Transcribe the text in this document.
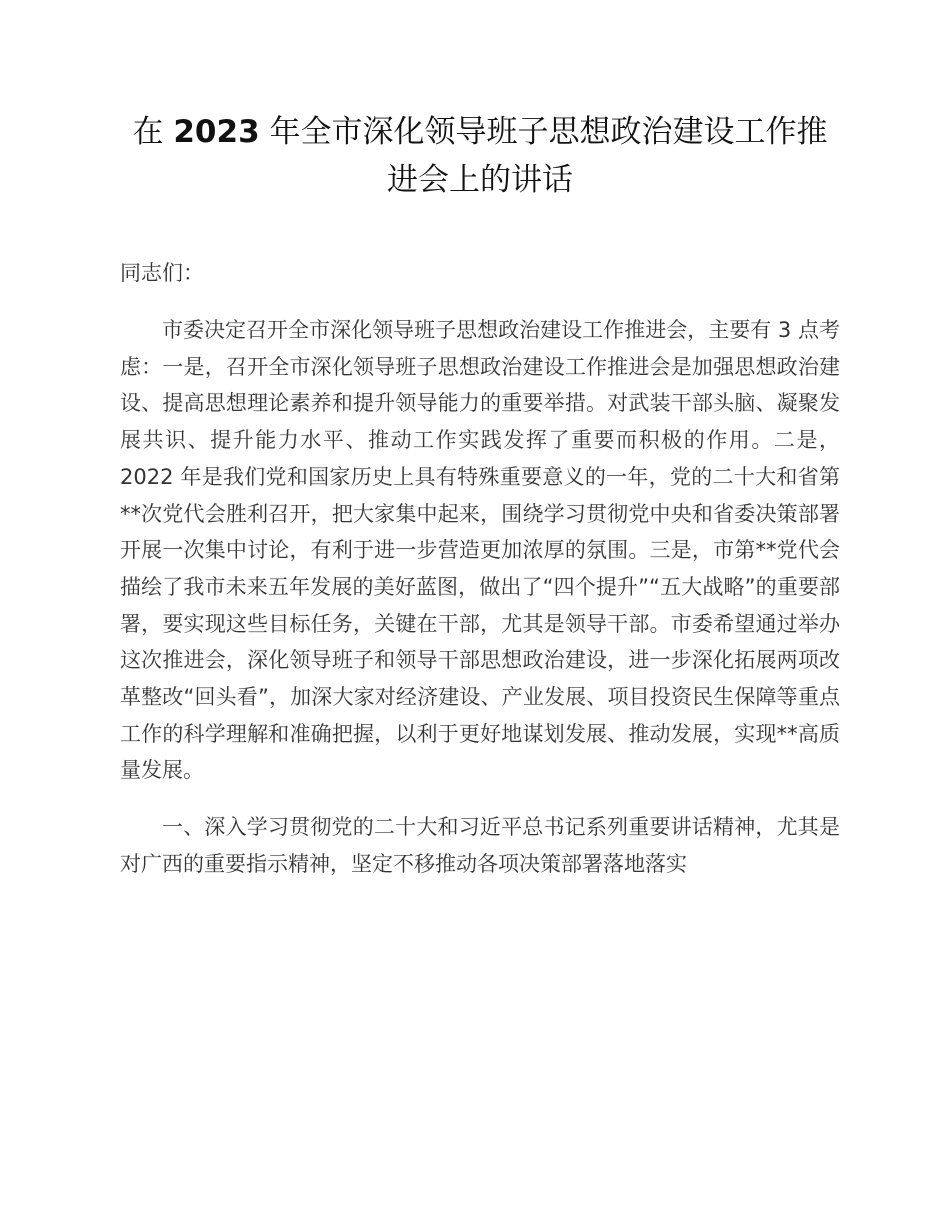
在 2023 年全市深化领导班子思想政治建设工作推进会上的讲话

同志们：

市委决定召开全市深化领导班子思想政治建设工作推进会，主要有 3 点考虑：一是，召开全市深化领导班子思想政治建设工作推进会是加强思想政治建设、提高思想理论素养和提升领导能力的重要举措。对武装干部头脑、凝聚发展共识、提升能力水平、推动工作实践发挥了重要而积极的作用。二是，2022 年是我们党和国家历史上具有特殊重要意义的一年，党的二十大和省第**次党代会胜利召开，把大家集中起来，围绕学习贯彻党中央和省委决策部署开展一次集中讨论，有利于进一步营造更加浓厚的氛围。三是，市第**党代会描绘了我市未来五年发展的美好蓝图，做出了“四个提升”“五大战略”的重要部署，要实现这些目标任务，关键在干部，尤其是领导干部。市委希望通过举办这次推进会，深化领导班子和领导干部思想政治建设，进一步深化拓展两项改革整改“回头看”，加深大家对经济建设、产业发展、项目投资民生保障等重点工作的科学理解和准确把握，以利于更好地谋划发展、推动发展，实现**高质量发展。

一、深入学习贯彻党的二十大和习近平总书记系列重要讲话精神，尤其是对广西的重要指示精神，坚定不移推动各项决策部署落地落实
